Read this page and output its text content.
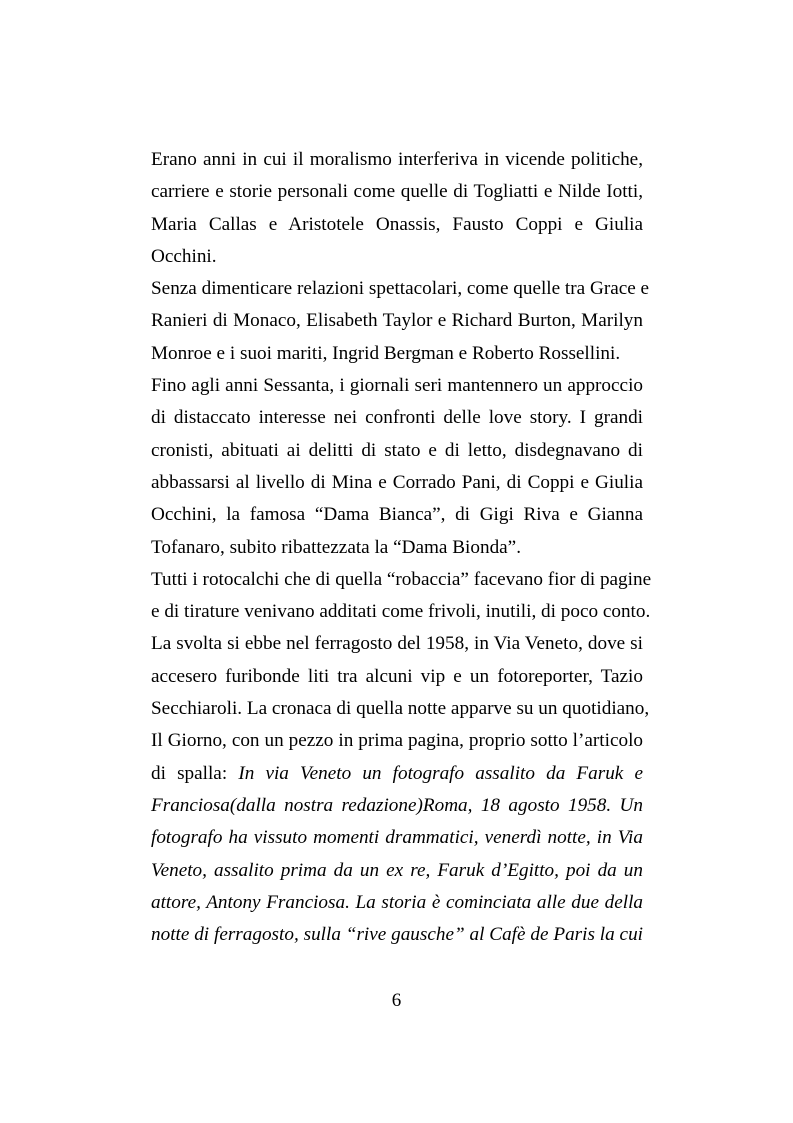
Erano anni in cui il moralismo interferiva in vicende politiche,
carriere e storie personali come quelle di Togliatti e Nilde Iotti,
Maria Callas e Aristotele Onassis, Fausto Coppi e Giulia
Occhini.
Senza dimenticare relazioni spettacolari, come quelle tra Grace e
Ranieri di Monaco, Elisabeth Taylor e Richard Burton, Marilyn
Monroe e i suoi mariti, Ingrid Bergman e Roberto Rossellini.
Fino agli anni Sessanta, i giornali seri mantennero un approccio
di distaccato interesse nei confronti delle love story. I grandi
cronisti, abituati ai delitti di stato e di letto, disdegnavano di
abbassarsi al livello di Mina e Corrado Pani, di Coppi e Giulia
Occhini, la famosa “Dama Bianca”, di Gigi Riva e Gianna
Tofanaro, subito ribattezzata la “Dama Bionda”.
Tutti i rotocalchi che di quella “robaccia” facevano fior di pagine
e di tirature venivano additati come frivoli, inutili, di poco conto.
La svolta si ebbe nel ferragosto del 1958, in Via Veneto, dove si
accesero furibonde liti tra alcuni vip e un fotoreporter, Tazio
Secchiaroli. La cronaca di quella notte apparve su un quotidiano,
Il Giorno, con un pezzo in prima pagina, proprio sotto l’articolo
di spalla: In via Veneto un fotografo assalito da Faruk e
Franciosa(dalla nostra redazione)Roma, 18 agosto 1958. Un
fotografo ha vissuto momenti drammatici, venerdì notte, in Via
Veneto, assalito prima da un ex re, Faruk d’Egitto, poi da un
attore, Antony Franciosa. La storia è cominciata alle due della
notte di ferragosto, sulla “rive gausche” al Cafè de Paris la cui
6
